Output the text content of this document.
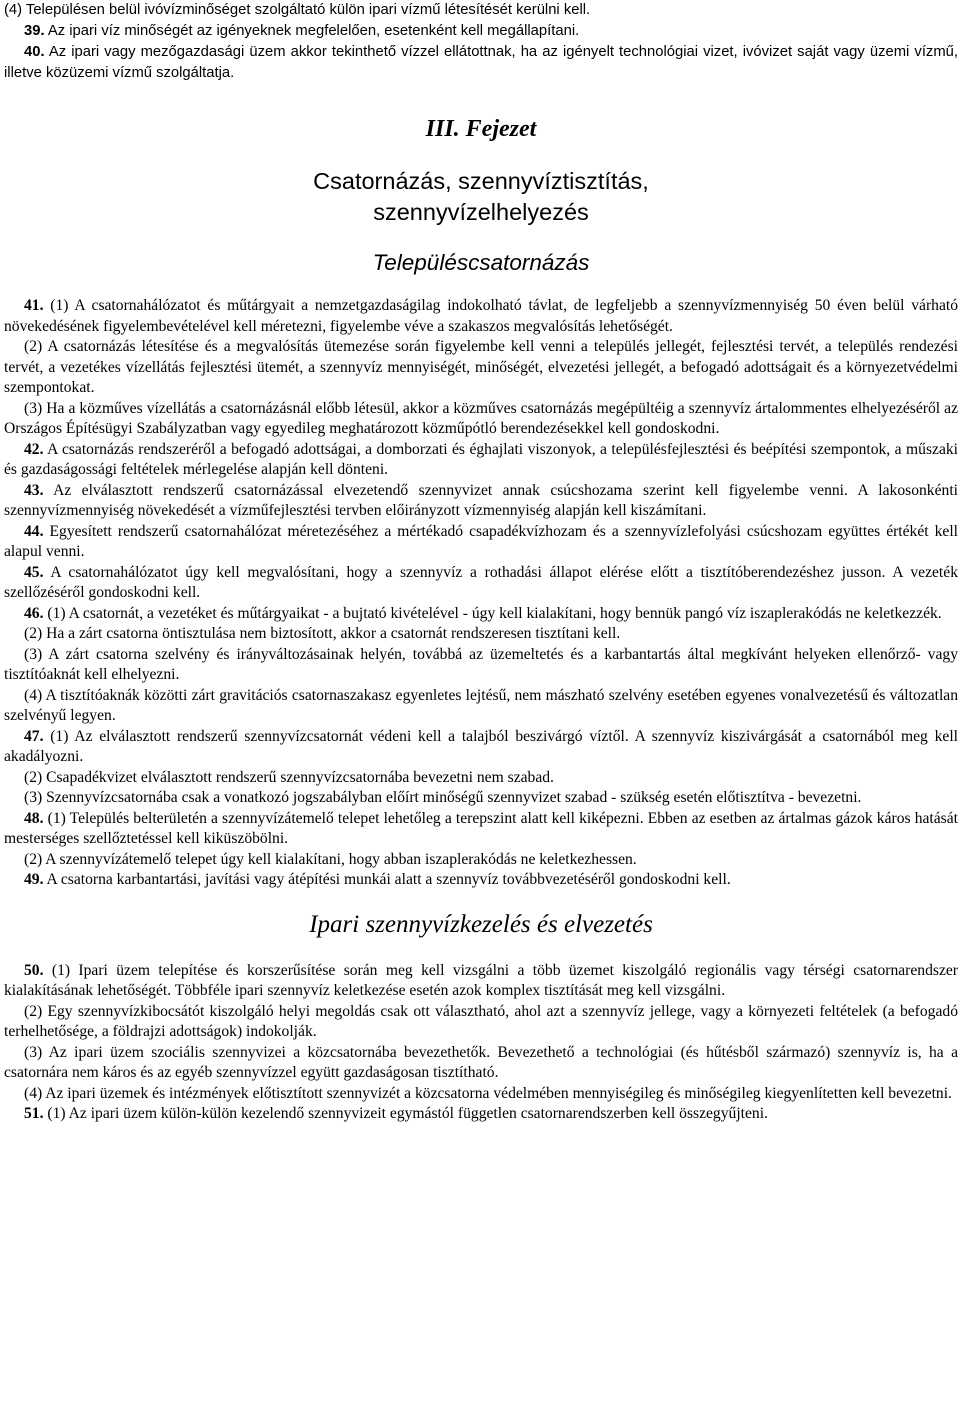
(4) Településen belül ivóvízminőséget szolgáltató külön ipari vízmű létesítését kerülni kell.

39. Az ipari víz minőségét az igényeknek megfelelően, esetenként kell megállapítani.

40. Az ipari vagy mezőgazdasági üzem akkor tekinthető vízzel ellátottnak, ha az igényelt technológiai vizet, ivóvizet saját vagy üzemi vízmű, illetve közüzemi vízmű szolgáltatja.

III. Fejezet
Csatornázás, szennyvíztisztítás, szennyvízelhelyezés
Településcsatornázás

41. (1) A csatornahálózatot és műtárgyait a nemzetgazdaságilag indokolható távlat, de legfeljebb a szennyvízmennyiség 50 éven belül várható növekedésének figyelembevételével kell méretezni, figyelembe véve a szakaszos megvalósítás lehetőségét.

(2) A csatornázás létesítése és a megvalósítás ütemezése során figyelembe kell venni a település jellegét, fejlesztési tervét, a település rendezési tervét, a vezetékes vízellátás fejlesztési ütemét, a szennyvíz mennyiségét, minőségét, elvezetési jellegét, a befogadó adottságait és a környezetvédelmi szempontokat.

(3) Ha a közműves vízellátás a csatornázásnál előbb létesül, akkor a közműves csatornázás megépültéig a szennyvíz ártalommentes elhelyezéséről az Országos Építésügyi Szabályzatban vagy egyedileg meghatározott közműpótló berendezésekkel kell gondoskodni.

42. A csatornázás rendszeréről a befogadó adottságai, a domborzati és éghajlati viszonyok, a településfejlesztési és beépítési szempontok, a műszaki és gazdaságossági feltételek mérlegelése alapján kell dönteni.

43. Az elválasztott rendszerű csatornázással elvezetendő szennyvizet annak csúcshozama szerint kell figyelembe venni. A lakosonkénti szennyvízmennyiség növekedését a vízműfejlesztési tervben előirányzott vízmennyiség alapján kell kiszámítani.

44. Egyesített rendszerű csatornahálózat méretezéséhez a mértékadó csapadékvízhozam és a szennyvízlefolyási csúcshozam együttes értékét kell alapul venni.

45. A csatornahálózatot úgy kell megvalósítani, hogy a szennyvíz a rothadási állapot elérése előtt a tisztítóberendezéshez jusson. A vezeték szellőzéséről gondoskodni kell.

46. (1) A csatornát, a vezetéket és műtárgyaikat - a bujtató kivételével - úgy kell kialakítani, hogy bennük pangó víz iszaplerakódás ne keletkezzék.

(2) Ha a zárt csatorna öntisztulása nem biztosított, akkor a csatornát rendszeresen tisztítani kell.

(3) A zárt csatorna szelvény és irányváltozásainak helyén, továbbá az üzemeltetés és a karbantartás által megkívánt helyeken ellenőrző- vagy tisztítóaknát kell elhelyezni.

(4) A tisztítóaknák közötti zárt gravitációs csatornaszakasz egyenletes lejtésű, nem mászható szelvény esetében egyenes vonalvezetésű és változatlan szelvényű legyen.

47. (1) Az elválasztott rendszerű szennyvízcsatornát védeni kell a talajból beszivárgó víztől. A szennyvíz kiszivárgását a csatornából meg kell akadályozni.

(2) Csapadékvizet elválasztott rendszerű szennyvízcsatornába bevezetni nem szabad.

(3) Szennyvízcsatornába csak a vonatkozó jogszabályban előírt minőségű szennyvizet szabad - szükség esetén előtisztítva - bevezetni.

48. (1) Település belterületén a szennyvízátemelő telepet lehetőleg a terepszint alatt kell kiképezni. Ebben az esetben az ártalmas gázok káros hatását mesterséges szellőztetéssel kell kiküszöbölni.

(2) A szennyvízátemelő telepet úgy kell kialakítani, hogy abban iszaplerakódás ne keletkezhessen.

49. A csatorna karbantartási, javítási vagy átépítési munkái alatt a szennyvíz továbbvezetéséről gondoskodni kell.

Ipari szennyvízkezelés és elvezetés

50. (1) Ipari üzem telepítése és korszerűsítése során meg kell vizsgálni a több üzemet kiszolgáló regionális vagy térségi csatornarendszer kialakításának lehetőségét. Többféle ipari szennyvíz keletkezése esetén azok komplex tisztítását meg kell vizsgálni.

(2) Egy szennyvízkibocsátót kiszolgáló helyi megoldás csak ott választható, ahol azt a szennyvíz jellege, vagy a környezeti feltételek (a befogadó terhelhetősége, a földrajzi adottságok) indokolják.

(3) Az ipari üzem szociális szennyvizei a közcsatornába bevezethetők. Bevezethető a technológiai (és hűtésből származó) szennyvíz is, ha a csatornára nem káros és az egyéb szennyvízzel együtt gazdaságosan tisztítható.

(4) Az ipari üzemek és intézmények előtisztított szennyvizét a közcsatorna védelmében mennyiségileg és minőségileg kiegyenlítetten kell bevezetni.

51. (1) Az ipari üzem külön-külön kezelendő szennyvizeit egymástól független csatornarendszerben kell összegyűjteni.
